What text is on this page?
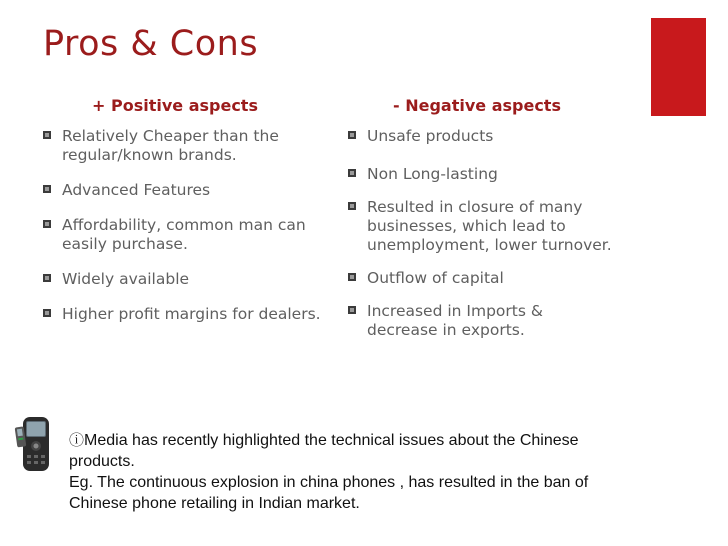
Pros & Cons
+ Positive aspects	- Negative aspects
Relatively Cheaper than the regular/known brands.
Advanced Features
Affordability, common man can easily purchase.
Widely available
Higher profit margins for dealers.
Unsafe products
Non Long-lasting
Resulted in closure of many businesses, which lead to unemployment, lower turnover.
Outflow of capital
Increased in Imports & decrease in exports.
ⓘMedia has recently highlighted the technical issues about the Chinese
products.
Eg. The continuous explosion in china phones , has resulted in the ban of
Chinese phone retailing in Indian market.
